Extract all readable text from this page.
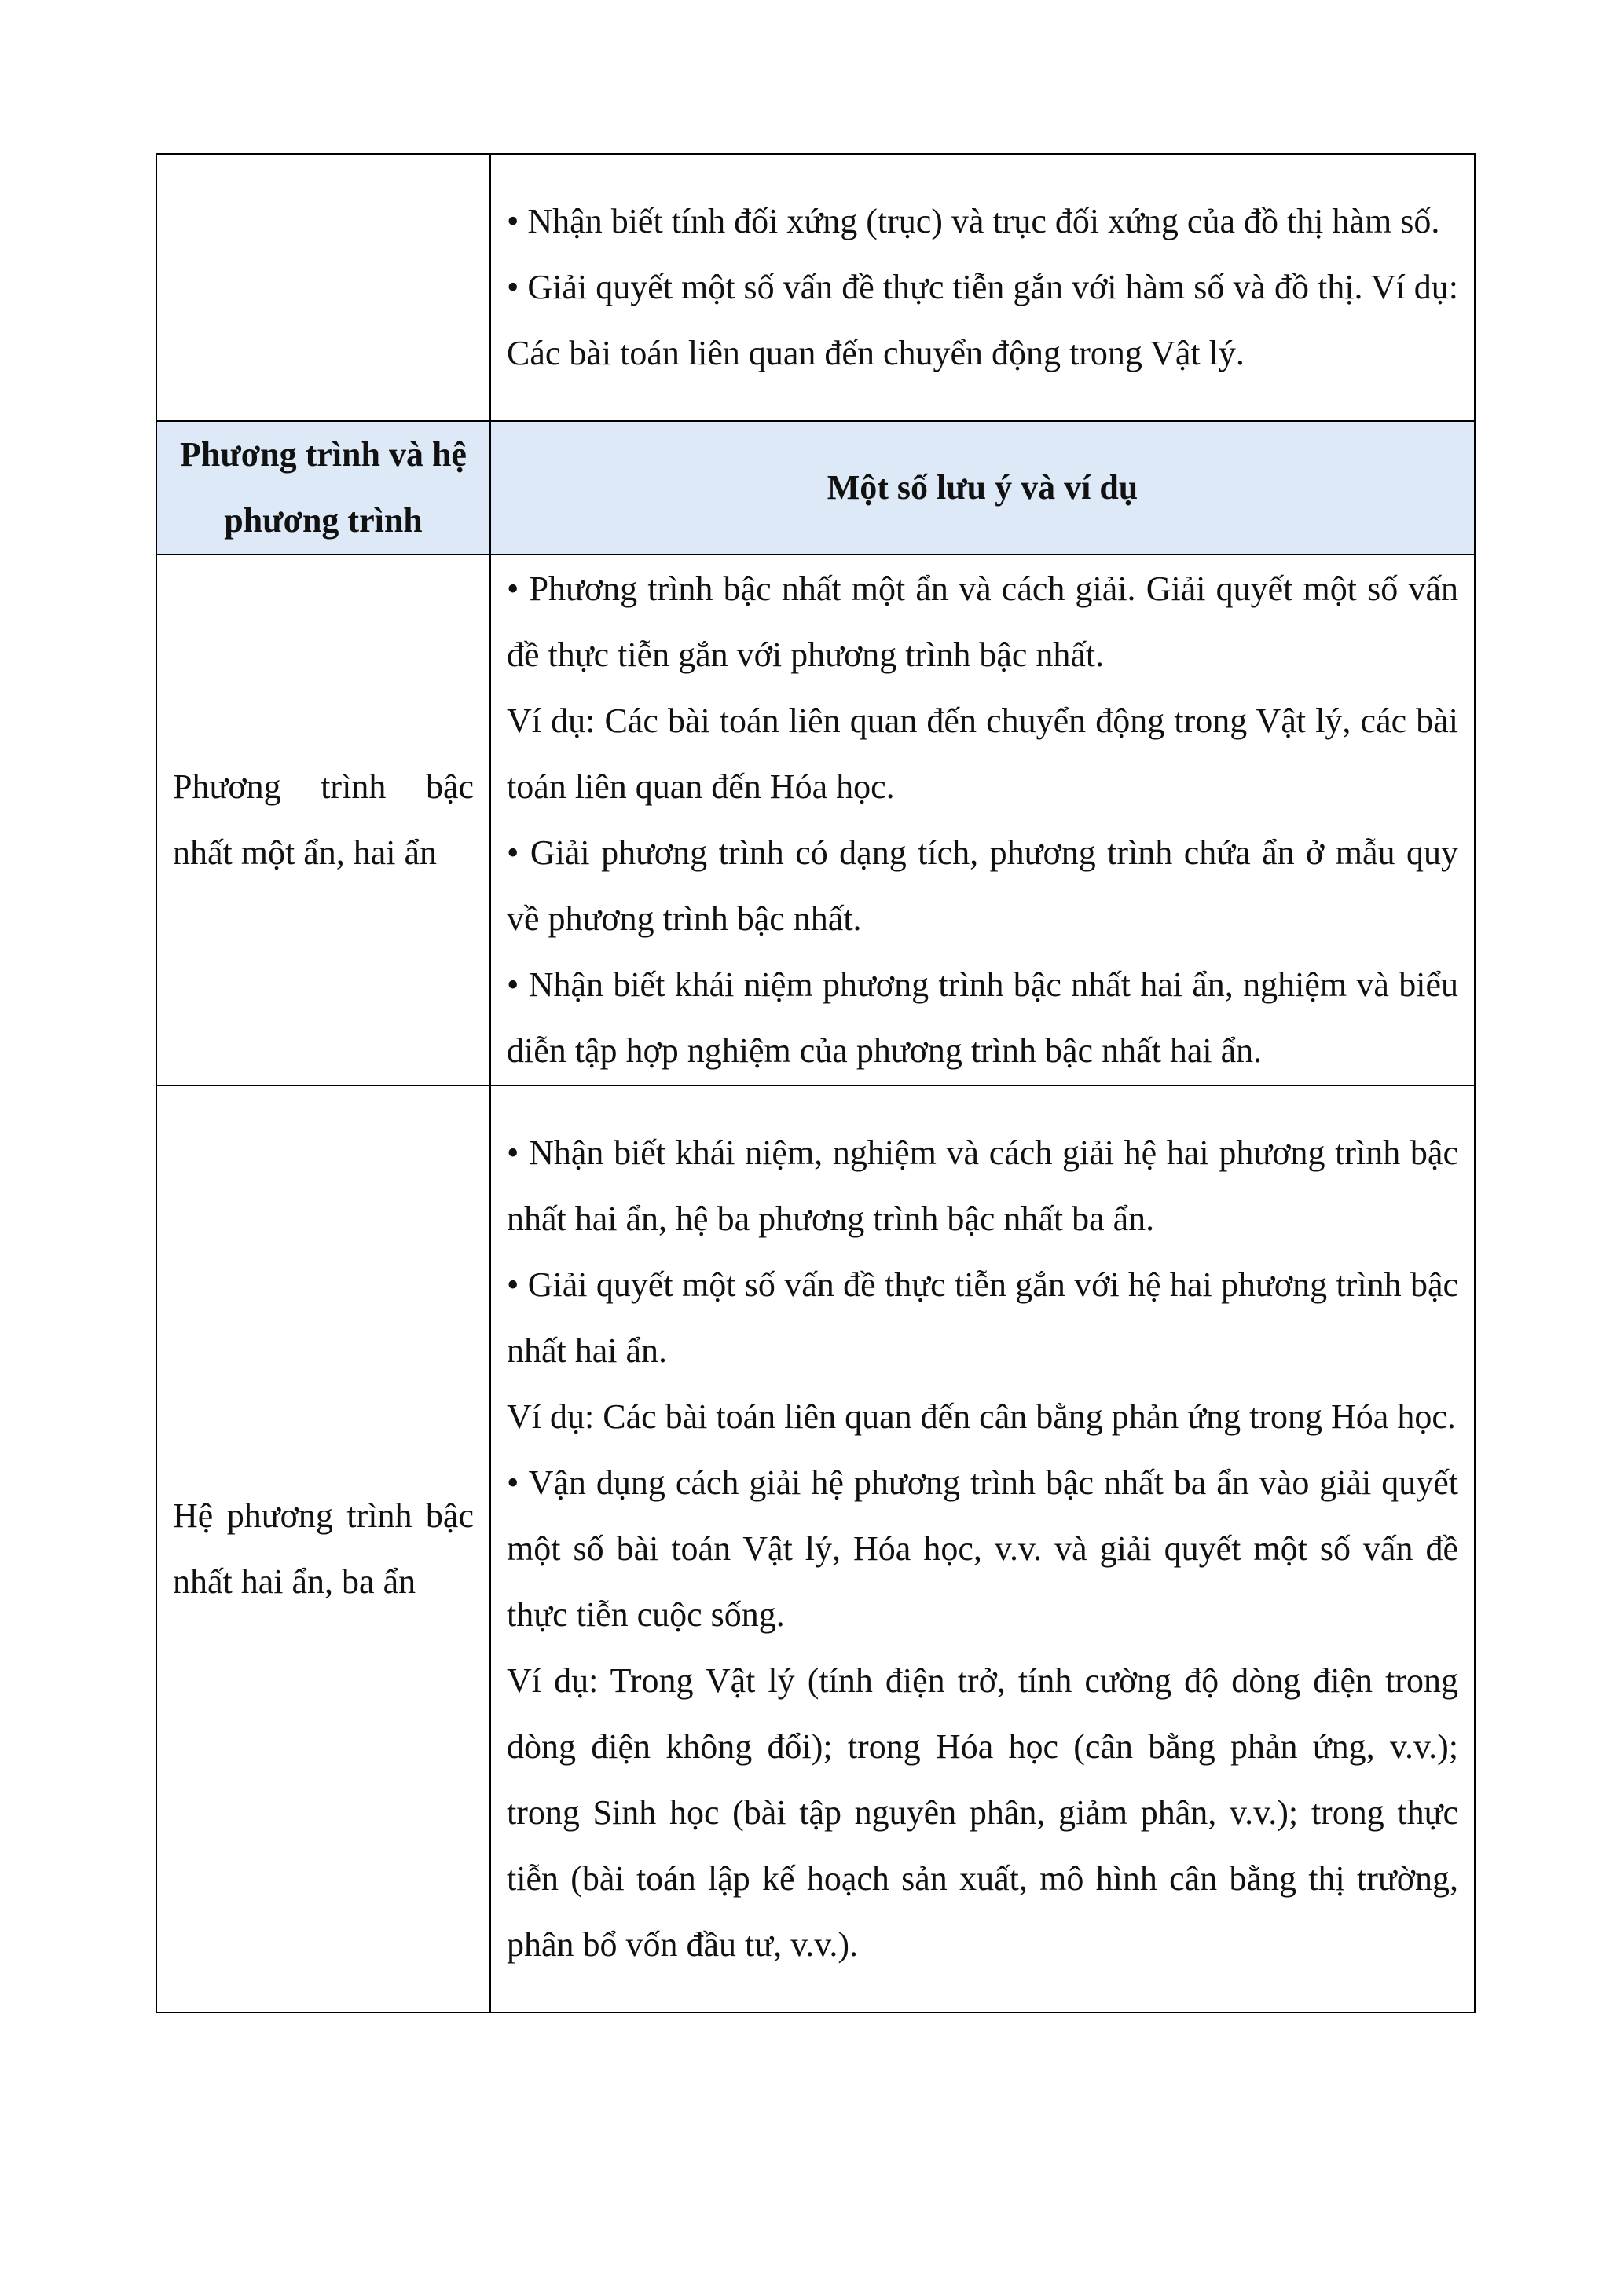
	• Nhận biết tính đối xứng (trục) và trục đối xứng của đồ thị hàm số.

• Giải quyết một số vấn đề thực tiễn gắn với hàm số và đồ thị. Ví dụ: Các bài toán liên quan đến chuyển động trong Vật lý.

Phương trình và hệ phương trình	Một số lưu ý và ví dụ
Phương trình bậc nhất một ẩn, hai ẩn	• Phương trình bậc nhất một ẩn và cách giải. Giải quyết một số vấn đề thực tiễn gắn với phương trình bậc nhất.

Ví dụ: Các bài toán liên quan đến chuyển động trong Vật lý, các bài toán liên quan đến Hóa học.

• Giải phương trình có dạng tích, phương trình chứa ẩn ở mẫu quy về phương trình bậc nhất.

• Nhận biết khái niệm phương trình bậc nhất hai ẩn, nghiệm và biểu diễn tập hợp nghiệm của phương trình bậc nhất hai ẩn.

Hệ phương trình bậc nhất hai ẩn, ba ẩn	• Nhận biết khái niệm, nghiệm và cách giải hệ hai phương trình bậc nhất hai ẩn, hệ ba phương trình bậc nhất ba ẩn.

• Giải quyết một số vấn đề thực tiễn gắn với hệ hai phương trình bậc nhất hai ẩn.

Ví dụ: Các bài toán liên quan đến cân bằng phản ứng trong Hóa học.

• Vận dụng cách giải hệ phương trình bậc nhất ba ẩn vào giải quyết một số bài toán Vật lý, Hóa học, v.v. và giải quyết một số vấn đề thực tiễn cuộc sống.

Ví dụ: Trong Vật lý (tính điện trở, tính cường độ dòng điện trong dòng điện không đổi); trong Hóa học (cân bằng phản ứng, v.v.); trong Sinh học (bài tập nguyên phân, giảm phân, v.v.); trong thực tiễn (bài toán lập kế hoạch sản xuất, mô hình cân bằng thị trường, phân bổ vốn đầu tư, v.v.).
